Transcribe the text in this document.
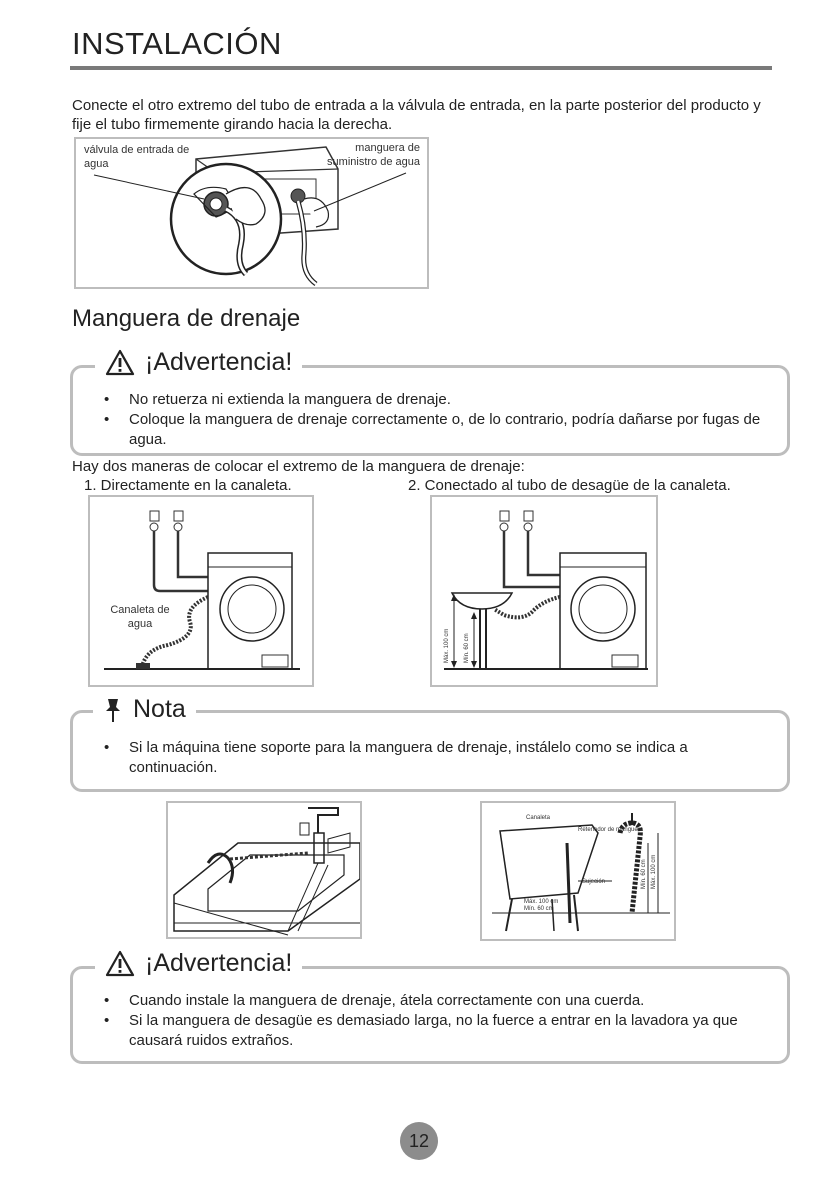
INSTALACIÓN
Conecte el otro extremo del tubo de entrada a la válvula de entrada, en la parte posterior del producto y fije el tubo firmemente girando hacia la derecha.
válvula de entrada de agua
manguera de suministro de agua
Manguera de drenaje
¡Advertencia!
• No retuerza ni extienda la manguera de drenaje.
• Coloque la manguera de drenaje correctamente o, de lo contrario, podría dañarse por fugas de agua.
Hay dos maneras de colocar el extremo de la manguera de drenaje:
1. Directamente en la canaleta.	2. Conectado al tubo de desagüe de la canaleta.
Canaleta de agua
Máx. 100 cm Mín. 60 cm
Nota
• Si la máquina tiene soporte para la manguera de drenaje, instálelo como se indica a continuación.
Canaleta
Retenedor de manguera
Sujeción
Máx. 100 cm
Mín. 60 cm
Mín. 60 cm Máx. 100 cm
¡Advertencia!
• Cuando instale la manguera de drenaje, átela correctamente con una cuerda.
• Si la manguera de desagüe es demasiado larga, no la fuerce a entrar en la lavadora ya que causará ruidos extraños.
12
